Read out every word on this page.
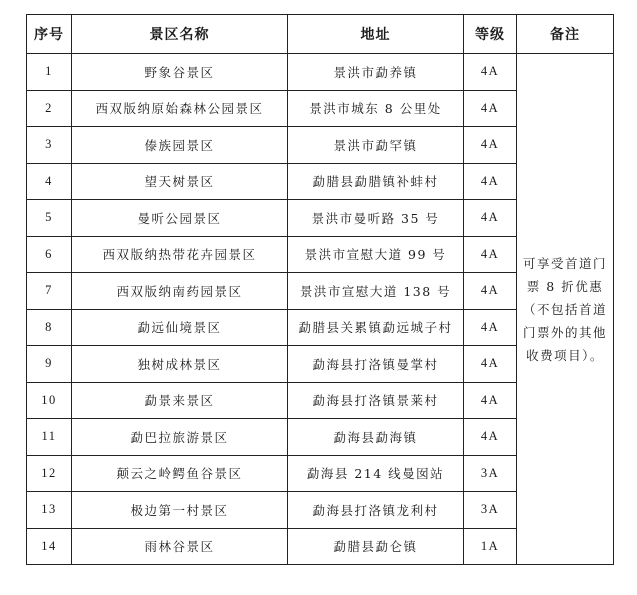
序号	景区名称	地址	等级	备注
1	野象谷景区	景洪市勐养镇	4A	可享受首道门票 8 折优惠（不包括首道门票外的其他收费项目）。
2	西双版纳原始森林公园景区	景洪市城东 8 公里处	4A	
3	傣族园景区	景洪市勐罕镇	4A	
4	望天树景区	勐腊县勐腊镇补蚌村	4A	
5	曼听公园景区	景洪市曼听路 35 号	4A	
6	西双版纳热带花卉园景区	景洪市宣慰大道 99 号	4A	
7	西双版纳南药园景区	景洪市宣慰大道 138 号	4A	
8	勐远仙境景区	勐腊县关累镇勐远城子村	4A	
9	独树成林景区	勐海县打洛镇曼掌村	4A	
10	勐景来景区	勐海县打洛镇景莱村	4A	
11	勐巴拉旅游景区	勐海县勐海镇	4A	
12	颠云之岭鳄鱼谷景区	勐海县 214 线曼囡站	3A	
13	极边第一村景区	勐海县打洛镇龙利村	3A	
14	雨林谷景区	勐腊县勐仑镇	1A	
